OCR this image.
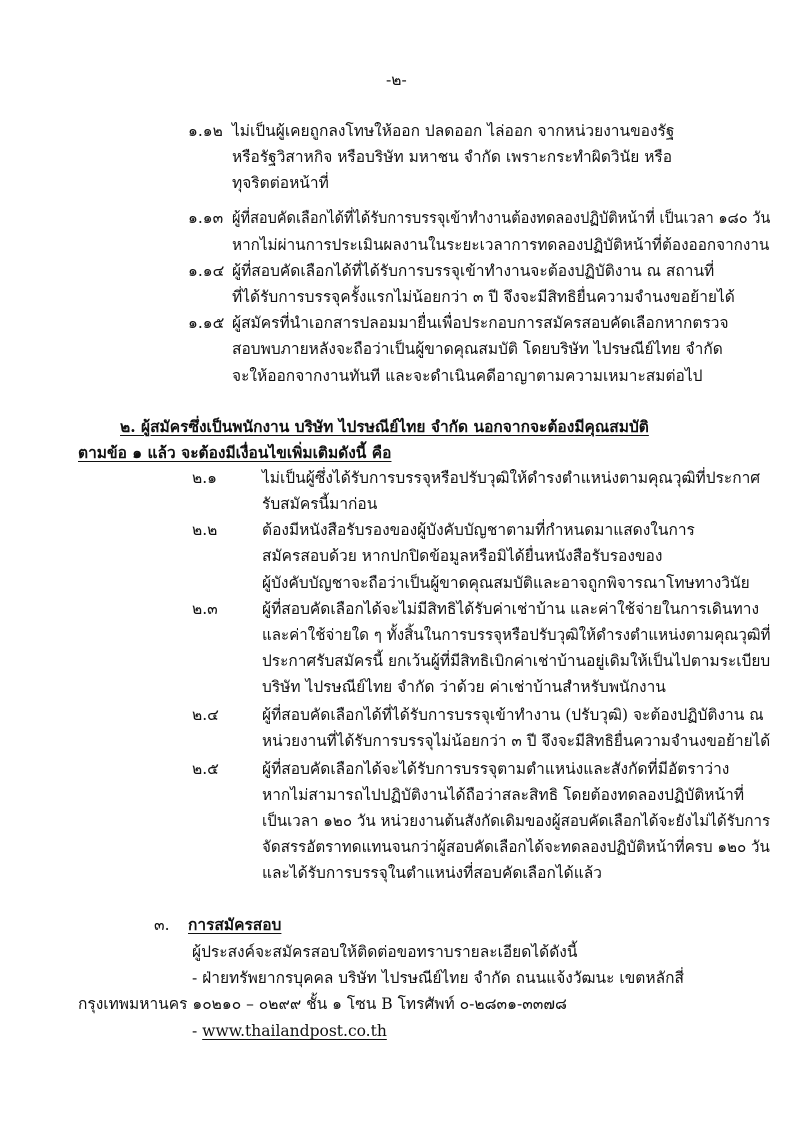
-๒-
๑.๑๒ ไม่เป็นผู้เคยถูกลงโทษให้ออก ปลดออก ไล่ออก จากหน่วยงานของรัฐ
หรือรัฐวิสาหกิจ หรือบริษัท มหาชน จำกัด เพราะกระทำผิดวินัย หรือ
ทุจริตต่อหน้าที่
๑.๑๓ ผู้ที่สอบคัดเลือกได้ที่ได้รับการบรรจุเข้าทำงานต้องทดลองปฏิบัติหน้าที่ เป็นเวลา ๑๘๐ วัน
หากไม่ผ่านการประเมินผลงานในระยะเวลาการทดลองปฏิบัติหน้าที่ต้องออกจากงาน
๑.๑๔ ผู้ที่สอบคัดเลือกได้ที่ได้รับการบรรจุเข้าทำงานจะต้องปฏิบัติงาน ณ สถานที่
ที่ได้รับการบรรจุครั้งแรกไม่น้อยกว่า ๓ ปี จึงจะมีสิทธิยื่นความจำนงขอย้ายได้
๑.๑๕ ผู้สมัครที่นำเอกสารปลอมมายื่นเพื่อประกอบการสมัครสอบคัดเลือกหากตรวจ
สอบพบภายหลังจะถือว่าเป็นผู้ขาดคุณสมบัติ โดยบริษัท ไปรษณีย์ไทย จำกัด
จะให้ออกจากงานทันที และจะดำเนินคดีอาญาตามความเหมาะสมต่อไป
๒. ผู้สมัครซึ่งเป็นพนักงาน บริษัท ไปรษณีย์ไทย จำกัด นอกจากจะต้องมีคุณสมบัติ
ตามข้อ ๑ แล้ว จะต้องมีเงื่อนไขเพิ่มเติมดังนี้ คือ
๒.๑	ไม่เป็นผู้ซึ่งได้รับการบรรจุหรือปรับวุฒิให้ดำรงตำแหน่งตามคุณวุฒิที่ประกาศ
รับสมัครนี้มาก่อน
๒.๒	ต้องมีหนังสือรับรองของผู้บังคับบัญชาตามที่กำหนดมาแสดงในการ
สมัครสอบด้วย หากปกปิดข้อมูลหรือมิได้ยื่นหนังสือรับรองของ
ผู้บังคับบัญชาจะถือว่าเป็นผู้ขาดคุณสมบัติและอาจถูกพิจารณาโทษทางวินัย
๒.๓	ผู้ที่สอบคัดเลือกได้จะไม่มีสิทธิได้รับค่าเช่าบ้าน และค่าใช้จ่ายในการเดินทาง
และค่าใช้จ่ายใด ๆ ทั้งสิ้นในการบรรจุหรือปรับวุฒิให้ดำรงตำแหน่งตามคุณวุฒิที่
ประกาศรับสมัครนี้ ยกเว้นผู้ที่มีสิทธิเบิกค่าเช่าบ้านอยู่เดิมให้เป็นไปตามระเบียบ
บริษัท ไปรษณีย์ไทย จำกัด ว่าด้วย ค่าเช่าบ้านสำหรับพนักงาน
๒.๔	ผู้ที่สอบคัดเลือกได้ที่ได้รับการบรรจุเข้าทำงาน (ปรับวุฒิ) จะต้องปฏิบัติงาน ณ
หน่วยงานที่ได้รับการบรรจุไม่น้อยกว่า ๓ ปี จึงจะมีสิทธิยื่นความจำนงขอย้ายได้
๒.๕	ผู้ที่สอบคัดเลือกได้จะได้รับการบรรจุตามตำแหน่งและสังกัดที่มีอัตราว่าง
หากไม่สามารถไปปฏิบัติงานได้ถือว่าสละสิทธิ โดยต้องทดลองปฏิบัติหน้าที่
เป็นเวลา ๑๒๐ วัน หน่วยงานต้นสังกัดเดิมของผู้สอบคัดเลือกได้จะยังไม่ได้รับการ
จัดสรรอัตราทดแทนจนกว่าผู้สอบคัดเลือกได้จะทดลองปฏิบัติหน้าที่ครบ ๑๒๐ วัน
และได้รับการบรรจุในตำแหน่งที่สอบคัดเลือกได้แล้ว
๓. การสมัครสอบ
ผู้ประสงค์จะสมัครสอบให้ติดต่อขอทราบรายละเอียดได้ดังนี้
- ฝ่ายทรัพยากรบุคคล บริษัท ไปรษณีย์ไทย จำกัด ถนนแจ้งวัฒนะ เขตหลักสี่
กรุงเทพมหานคร ๑๐๒๑๐ – ๐๒๙๙ ชั้น ๑ โซน B โทรศัพท์ ๐-๒๘๓๑-๓๓๗๘
- www.thailandpost.co.th
